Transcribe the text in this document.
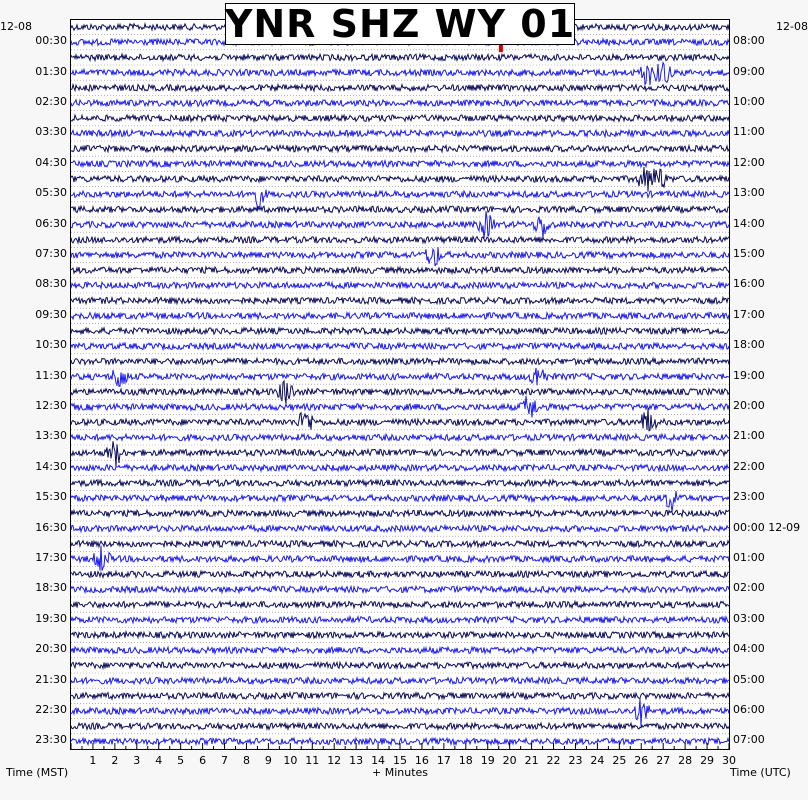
YNR SHZ WY 01
12-08	12-08
00:30
01:30
02:30
03:30
04:30
05:30
06:30
07:30
08:30
09:30
10:30
11:30
12:30
13:30
14:30
15:30
16:30
17:30
18:30
19:30
20:30
21:30
22:30
23:30
08:00
09:00
10:00
11:00
12:00
13:00
14:00
15:00
16:00
17:00
18:00
19:00
20:00
21:00
22:00
23:00
00:00 12-09
01:00
02:00
03:00
04:00
05:00
06:00
07:00
1 2 3 4 5 6 7 8 9 10 11 12 13 14 15 16 17 18 19 20 21 22 23 24 25 26 27 28 29 30
Time (MST)	+ Minutes	Time (UTC)
